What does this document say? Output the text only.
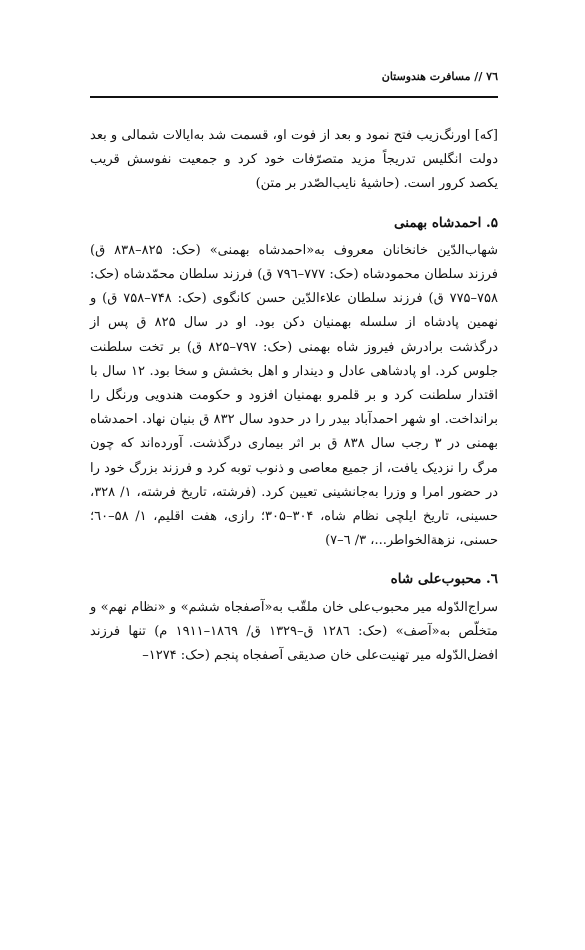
۷٦ // مسافرت هندوستان

[که] اورنگ‌زیب فتح نمود و بعد از فوت او، قسمت شد به‌ایالات شمالی و بعد دولت انگلیس تدریجاً مزید متصرّفات خود کرد و جمعیت نفوسش قریب یکصد کرور است. (حاشیهٔ نایب‌الصّدر بر متن)

۵. احمدشاه بهمنی

شهاب‌الدّین خانخانان معروف به«احمدشاه بهمنی» (حک: ۸۲۵–۸۳۸ ق) فرزند سلطان محمودشاه (حک: ۷۷۷–۷۹٦ ق) فرزند سلطان محمّدشاه (حک: ۷۵۸–۷۷۵ ق) فرزند سلطان علاءالدّین حسن کانگوی (حک: ۷۴۸–۷۵۸ ق) و نهمین پادشاه از سلسله بهمنیان دکن بود. او در سال ۸۲۵ ق پس از درگذشت برادرش فیروز شاه بهمنی (حک: ۷۹۷–۸۲۵ ق) بر تخت سلطنت جلوس کرد. او پادشاهی عادل و دیندار و اهل بخشش و سخا بود. ۱۲ سال با اقتدار سلطنت کرد و بر قلمرو بهمنیان افزود و حکومت هندویی ورنگل را برانداخت. او شهر احمدآباد بیدر را در حدود سال ۸۳۲ ق بنیان نهاد. احمدشاه بهمنی در ۳ رجب سال ۸۳۸ ق بر اثر بیماری درگذشت. آورده‌اند که چون مرگ را نزدیک یافت، از جمیع معاصی و ذنوب توبه کرد و فرزند بزرگ خود را در حضور امرا و وزرا به‌جانشینی تعیین کرد. (فرشته، تاریخ فرشته، ۱/ ۳۲۸، حسینی، تاریخ ایلچی نظام شاه، ۳۰۴–۳۰۵؛ رازی، هفت اقلیم، ۱/ ۵۸–٦۰؛ حسنی، نزهةالخواطر...، ۳/ ٦–۷)

٦. محبوب‌علی شاه

سراج‌الدّوله میر محبوب‌علی خان ملقّب به«آصفجاه ششم» و «نظام نهم» و متخلّص به«آصف» (حک: ۱۲۸٦ ق–۱۳۲۹ ق/ ۱۸٦۹–۱۹۱۱ م) تنها فرزند افضل‌الدّوله میر تهنیت‌علی خان صدیقی آصفجاه پنجم (حک: ۱۲۷۴–
